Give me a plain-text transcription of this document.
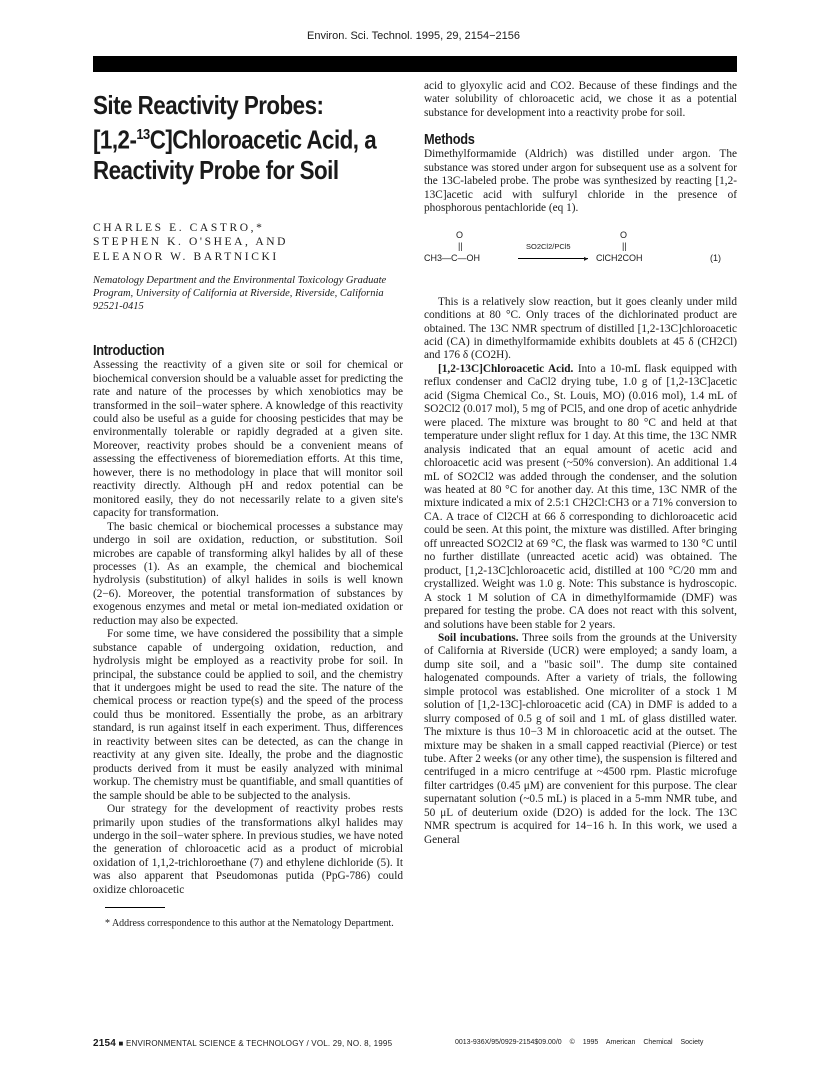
Environ. Sci. Technol. 1995, 29, 2154−2156
Site Reactivity Probes:
[1,2-$^{13}$C]Chloroacetic Acid, a
Reactivity Probe for Soil
CHARLES E. CASTRO,*
STEPHEN K. O'SHEA, AND
ELEANOR W. BARTNICKI
Nematology Department and the Environmental Toxicology Graduate Program, University of California at Riverside, Riverside, California 92521-0415
Introduction

Assessing the reactivity of a given site or soil for chemical or biochemical conversion should be a valuable asset for predicting the rate and nature of the processes by which xenobiotics may be transformed in the soil−water sphere. A knowledge of this reactivity could also be useful as a guide for choosing pesticides that may be environmentally tolerable or rapidly degraded at a given site. Moreover, reactivity probes should be a convenient means of assessing the effectiveness of bioremediation efforts. At this time, however, there is no methodology in place that will monitor soil reactivity directly. Although pH and redox potential can be monitored easily, they do not necessarily relate to a given site's capacity for transformation.

The basic chemical or biochemical processes a substance may undergo in soil are oxidation, reduction, or substitution. Soil microbes are capable of transforming alkyl halides by all of these processes (1). As an example, the chemical and biochemical hydrolysis (substitution) of alkyl halides in soils is well known (2−6). Moreover, the potential transformation of substances by exogenous enzymes and metal or metal ion-mediated oxidation or reduction may also be expected.

For some time, we have considered the possibility that a simple substance capable of undergoing oxidation, reduction, and hydrolysis might be employed as a reactivity probe for soil. In principal, the substance could be applied to soil, and the chemistry that it undergoes might be used to read the site. The nature of the chemical process or reaction type(s) and the speed of the process could thus be monitored. Essentially the probe, as an arbitrary standard, is run against itself in each experiment. Thus, differences in reactivity between sites can be detected, as can the change in reactivity at any given site. Ideally, the probe and the diagnostic products derived from it must be easily analyzed with minimal workup. The chemistry must be quantifiable, and small quantities of the sample should be able to be subjected to the analysis.

Our strategy for the development of reactivity probes rests primarily upon studies of the transformations alkyl halides may undergo in the soil−water sphere. In previous studies, we have noted the generation of chloroacetic acid as a product of microbial oxidation of 1,1,2-trichloroethane (7) and ethylene dichloride (5). It was also apparent that Pseudomonas putida (PpG-786) could oxidize chloroacetic

* Address correspondence to this author at the Nematology Department.

acid to glyoxylic acid and CO2. Because of these findings and the water solubility of chloroacetic acid, we chose it as a potential substance for development into a reactivity probe for soil.

Methods

Dimethylformamide (Aldrich) was distilled under argon. The substance was stored under argon for subsequent use as a solvent for the 13C-labeled probe. The probe was synthesized by reacting [1,2-13C]acetic acid with sulfuryl chloride in the presence of phosphorous pentachloride (eq 1).

O
||
CH3—C—OH
SO2Cl2/PCl5
▸
O
||
ClCH2COH	(1)

This is a relatively slow reaction, but it goes cleanly under mild conditions at 80 °C. Only traces of the dichlorinated product are obtained. The 13C NMR spectrum of distilled [1,2-13C]chloroacetic acid (CA) in dimethylformamide exhibits doublets at 45 δ (CH2Cl) and 176 δ (CO2H).

[1,2-13C]Chloroacetic Acid. Into a 10-mL flask equipped with reflux condenser and CaCl2 drying tube, 1.0 g of [1,2-13C]acetic acid (Sigma Chemical Co., St. Louis, MO) (0.016 mol), 1.4 mL of SO2Cl2 (0.017 mol), 5 mg of PCl5, and one drop of acetic anhydride were placed. The mixture was brought to 80 °C and held at that temperature under slight reflux for 1 day. At this time, the 13C NMR analysis indicated that an equal amount of acetic acid and chloroacetic acid was present (~50% conversion). An additional 1.4 mL of SO2Cl2 was added through the condenser, and the solution was heated at 80 °C for another day. At this time, 13C NMR of the mixture indicated a mix of 2.5:1 CH2Cl:CH3 or a 71% conversion to CA. A trace of Cl2CH at 66 δ corresponding to dichloroacetic acid could be seen. At this point, the mixture was distilled. After bringing off unreacted SO2Cl2 at 69 °C, the flask was warmed to 130 °C until no further distillate (unreacted acetic acid) was obtained. The product, [1,2-13C]chloroacetic acid, distilled at 100 °C/20 mm and crystallized. Weight was 1.0 g. Note: This substance is hydroscopic. A stock 1 M solution of CA in dimethylformamide (DMF) was prepared for testing the probe. CA does not react with this solvent, and solutions have been stable for 2 years.

Soil incubations. Three soils from the grounds at the University of California at Riverside (UCR) were employed; a sandy loam, a dump site soil, and a "basic soil". The dump site contained halogenated compounds. After a variety of trials, the following simple protocol was established. One microliter of a stock 1 M solution of [1,2-13C]-chloroacetic acid (CA) in DMF is added to a slurry composed of 0.5 g of soil and 1 mL of glass distilled water. The mixture is thus 10−3 M in chloroacetic acid at the outset. The mixture may be shaken in a small capped reactivial (Pierce) or test tube. After 2 weeks (or any other time), the suspension is filtered and centrifuged in a micro centrifuge at ~4500 rpm. Plastic microfuge filter cartridges (0.45 μM) are convenient for this purpose. The clear supernatant solution (~0.5 mL) is placed in a 5-mm NMR tube, and 50 μL of deuterium oxide (D2O) is added for the lock. The 13C NMR spectrum is acquired for 14−16 h. In this work, we used a General

2154 ■ ENVIRONMENTAL SCIENCE & TECHNOLOGY / VOL. 29, NO. 8, 1995	0013-936X/95/0929-2154$09.00/0 © 1995 American Chemical Society
